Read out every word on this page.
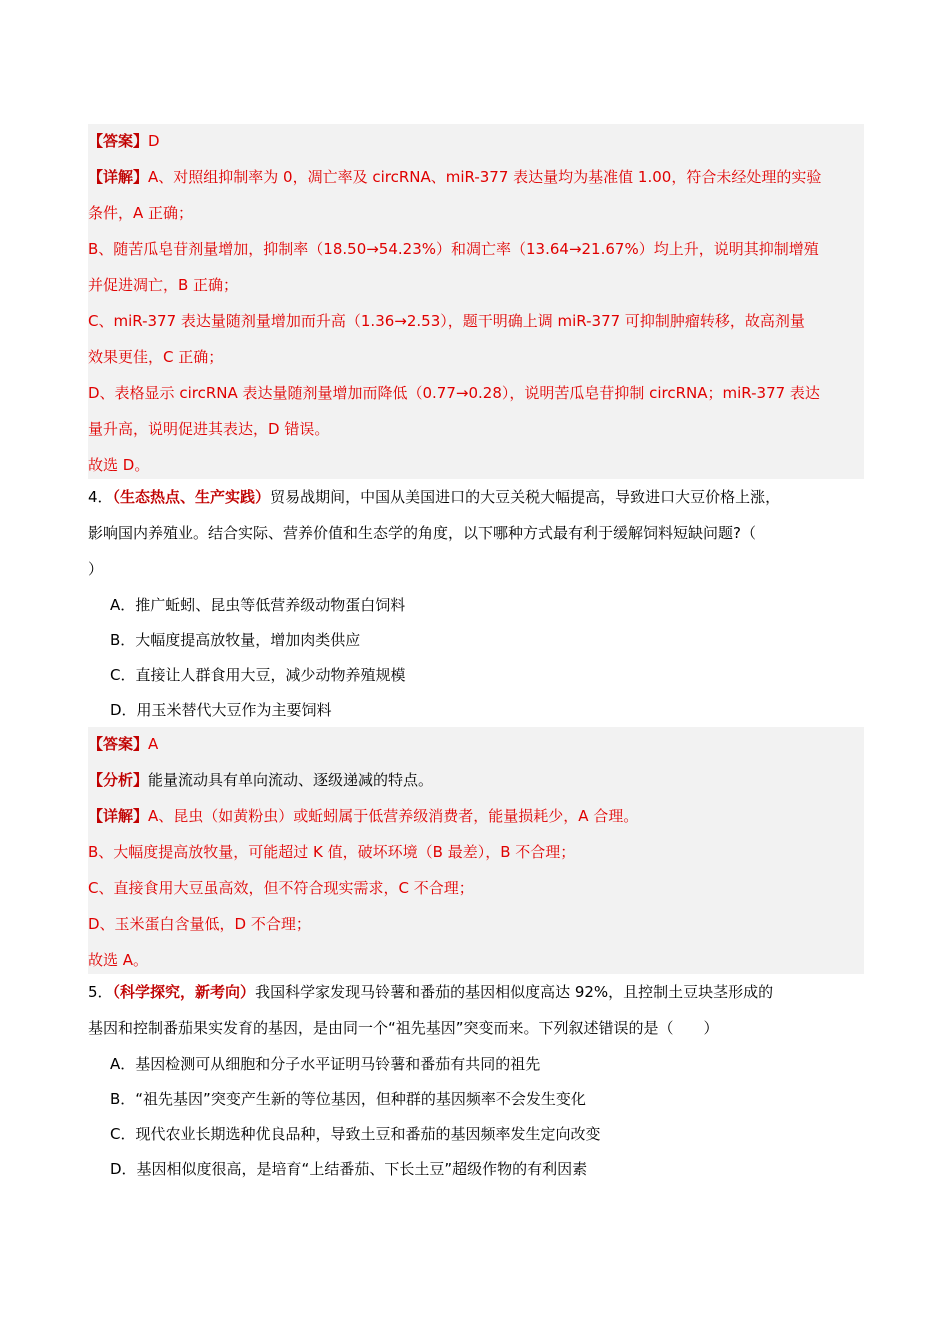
【答案】D
【详解】A、对照组抑制率为 0，凋亡率及 circRNA、miR-377 表达量均为基准值 1.00，符合未经处理的实验
条件，A 正确；
B、随苦瓜皂苷剂量增加，抑制率（18.50→54.23%）和凋亡率（13.64→21.67%）均上升，说明其抑制增殖
并促进凋亡，B 正确；
C、miR-377 表达量随剂量增加而升高（1.36→2.53），题干明确上调 miR-377 可抑制肿瘤转移，故高剂量
效果更佳，C 正确；
D、表格显示 circRNA 表达量随剂量增加而降低（0.77→0.28），说明苦瓜皂苷抑制 circRNA；miR-377 表达
量升高，说明促进其表达，D 错误。
故选 D。
4．（生态热点、生产实践）贸易战期间，中国从美国进口的大豆关税大幅提高，导致进口大豆价格上涨，
影响国内养殖业。结合实际、营养价值和生态学的角度，以下哪种方式最有利于缓解饲料短缺问题?（
）
A．推广蚯蚓、昆虫等低营养级动物蛋白饲料
B．大幅度提高放牧量，增加肉类供应
C．直接让人群食用大豆，减少动物养殖规模
D．用玉米替代大豆作为主要饲料
【答案】A
【分析】能量流动具有单向流动、逐级递减的特点。
【详解】A、昆虫（如黄粉虫）或蚯蚓属于低营养级消费者，能量损耗少，A 合理。
B、大幅度提高放牧量，可能超过 K 值，破坏环境（B 最差），B 不合理；
C、直接食用大豆虽高效，但不符合现实需求，C 不合理；
D、玉米蛋白含量低，D 不合理；
故选 A。
5．（科学探究，新考向）我国科学家发现马铃薯和番茄的基因相似度高达 92%，且控制土豆块茎形成的
基因和控制番茄果实发育的基因，是由同一个“祖先基因”突变而来。下列叙述错误的是（　　）
A．基因检测可从细胞和分子水平证明马铃薯和番茄有共同的祖先
B．“祖先基因”突变产生新的等位基因，但种群的基因频率不会发生变化
C．现代农业长期选种优良品种，导致土豆和番茄的基因频率发生定向改变
D．基因相似度很高，是培育“上结番茄、下长土豆”超级作物的有利因素
